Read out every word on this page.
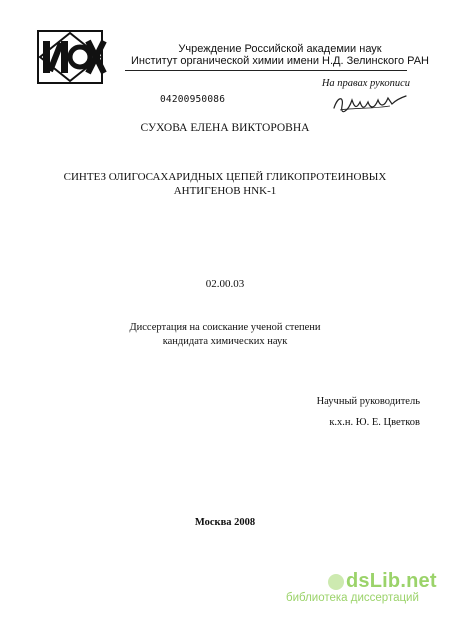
Учреждение Российской академии наук
Институт органической химии имени Н.Д. Зелинского РАН
На правах рукописи
04200950086
СУХОВА ЕЛЕНА ВИКТОРОВНА
СИНТЕЗ ОЛИГОСАХАРИДНЫХ ЦЕПЕЙ ГЛИКОПРОТЕИНОВЫХ
АНТИГЕНОВ HNK-1
02.00.03
Диссертация на соискание ученой степени
кандидата химических наук
Научный руководитель
к.х.н. Ю. Е. Цветков
Москва 2008
dsLib.net
библиотека диссертаций
